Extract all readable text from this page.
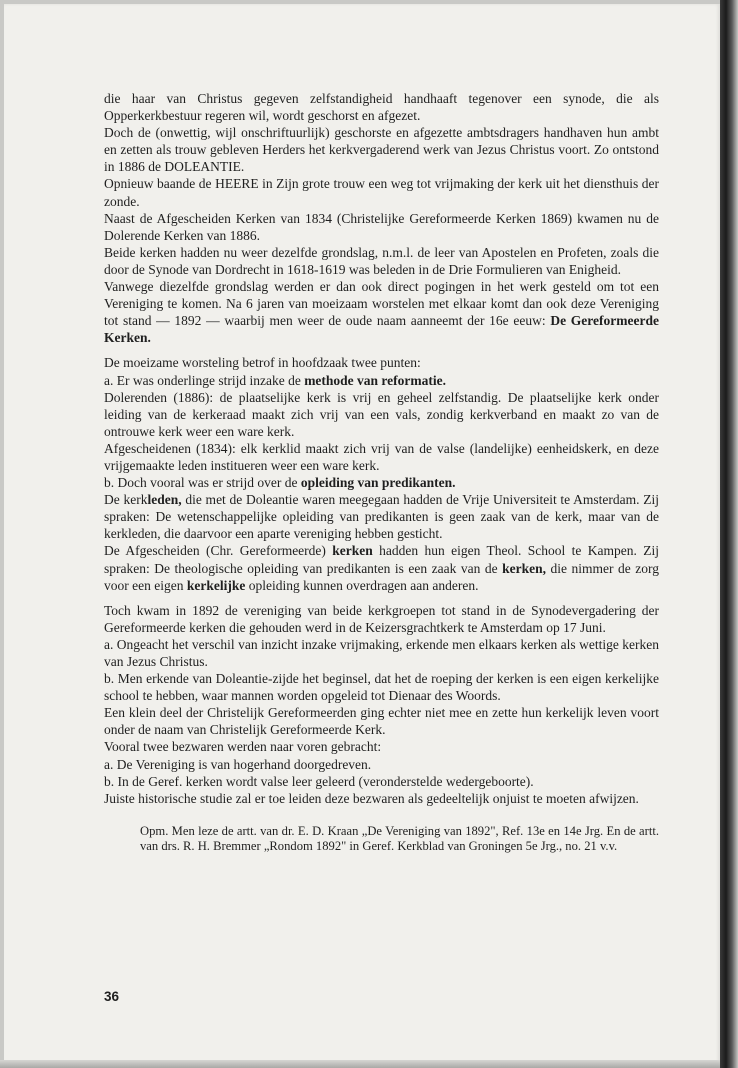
die haar van Christus gegeven zelfstandigheid handhaaft tegenover een synode, die als Opperkerkbestuur regeren wil, wordt geschorst en afgezet.

Doch de (onwettig, wijl onschriftuurlijk) geschorste en afgezette ambtsdragers handhaven hun ambt en zetten als trouw gebleven Herders het kerkvergaderend werk van Jezus Christus voort. Zo ontstond in 1886 de DOLEANTIE.

Opnieuw baande de HEERE in Zijn grote trouw een weg tot vrijmaking der kerk uit het diensthuis der zonde.

Naast de Afgescheiden Kerken van 1834 (Christelijke Gereformeerde Kerken 1869) kwamen nu de Dolerende Kerken van 1886.

Beide kerken hadden nu weer dezelfde grondslag, n.m.l. de leer van Apostelen en Profeten, zoals die door de Synode van Dordrecht in 1618-1619 was beleden in de Drie Formulieren van Enigheid.

Vanwege diezelfde grondslag werden er dan ook direct pogingen in het werk gesteld om tot een Vereniging te komen. Na 6 jaren van moeizaam worstelen met elkaar komt dan ook deze Vereniging tot stand — 1892 — waarbij men weer de oude naam aanneemt der 16e eeuw: De Gereformeerde Kerken.

De moeizame worsteling betrof in hoofdzaak twee punten:

a. Er was onderlinge strijd inzake de methode van reformatie.

Dolerenden (1886): de plaatselijke kerk is vrij en geheel zelfstandig. De plaatselijke kerk onder leiding van de kerkeraad maakt zich vrij van een vals, zondig kerkverband en maakt zo van de ontrouwe kerk weer een ware kerk.

Afgescheidenen (1834): elk kerklid maakt zich vrij van de valse (landelijke) eenheidskerk, en deze vrijgemaakte leden institueren weer een ware kerk.

b. Doch vooral was er strijd over de opleiding van predikanten.

De kerkleden, die met de Doleantie waren meegegaan hadden de Vrije Universiteit te Amsterdam. Zij spraken: De wetenschappelijke opleiding van predikanten is geen zaak van de kerk, maar van de kerkleden, die daarvoor een aparte vereniging hebben gesticht.

De Afgescheiden (Chr. Gereformeerde) kerken hadden hun eigen Theol. School te Kampen. Zij spraken: De theologische opleiding van predikanten is een zaak van de kerken, die nimmer de zorg voor een eigen kerkelijke opleiding kunnen overdragen aan anderen.

Toch kwam in 1892 de vereniging van beide kerkgroepen tot stand in de Synodevergadering der Gereformeerde kerken die gehouden werd in de Keizersgrachtkerk te Amsterdam op 17 Juni.

a. Ongeacht het verschil van inzicht inzake vrijmaking, erkende men elkaars kerken als wettige kerken van Jezus Christus.

b. Men erkende van Doleantie-zijde het beginsel, dat het de roeping der kerken is een eigen kerkelijke school te hebben, waar mannen worden opgeleid tot Dienaar des Woords.

Een klein deel der Christelijk Gereformeerden ging echter niet mee en zette hun kerkelijk leven voort onder de naam van Christelijk Gereformeerde Kerk.

Vooral twee bezwaren werden naar voren gebracht:

a. De Vereniging is van hogerhand doorgedreven.

b. In de Geref. kerken wordt valse leer geleerd (veronderstelde wedergeboorte).

Juiste historische studie zal er toe leiden deze bezwaren als gedeeltelijk onjuist te moeten afwijzen.

Opm. Men leze de artt. van dr. E. D. Kraan „De Vereniging van 1892", Ref. 13e en 14e Jrg. En de artt. van drs. R. H. Bremmer „Rondom 1892" in Geref. Kerkblad van Groningen 5e Jrg., no. 21 v.v.

36
